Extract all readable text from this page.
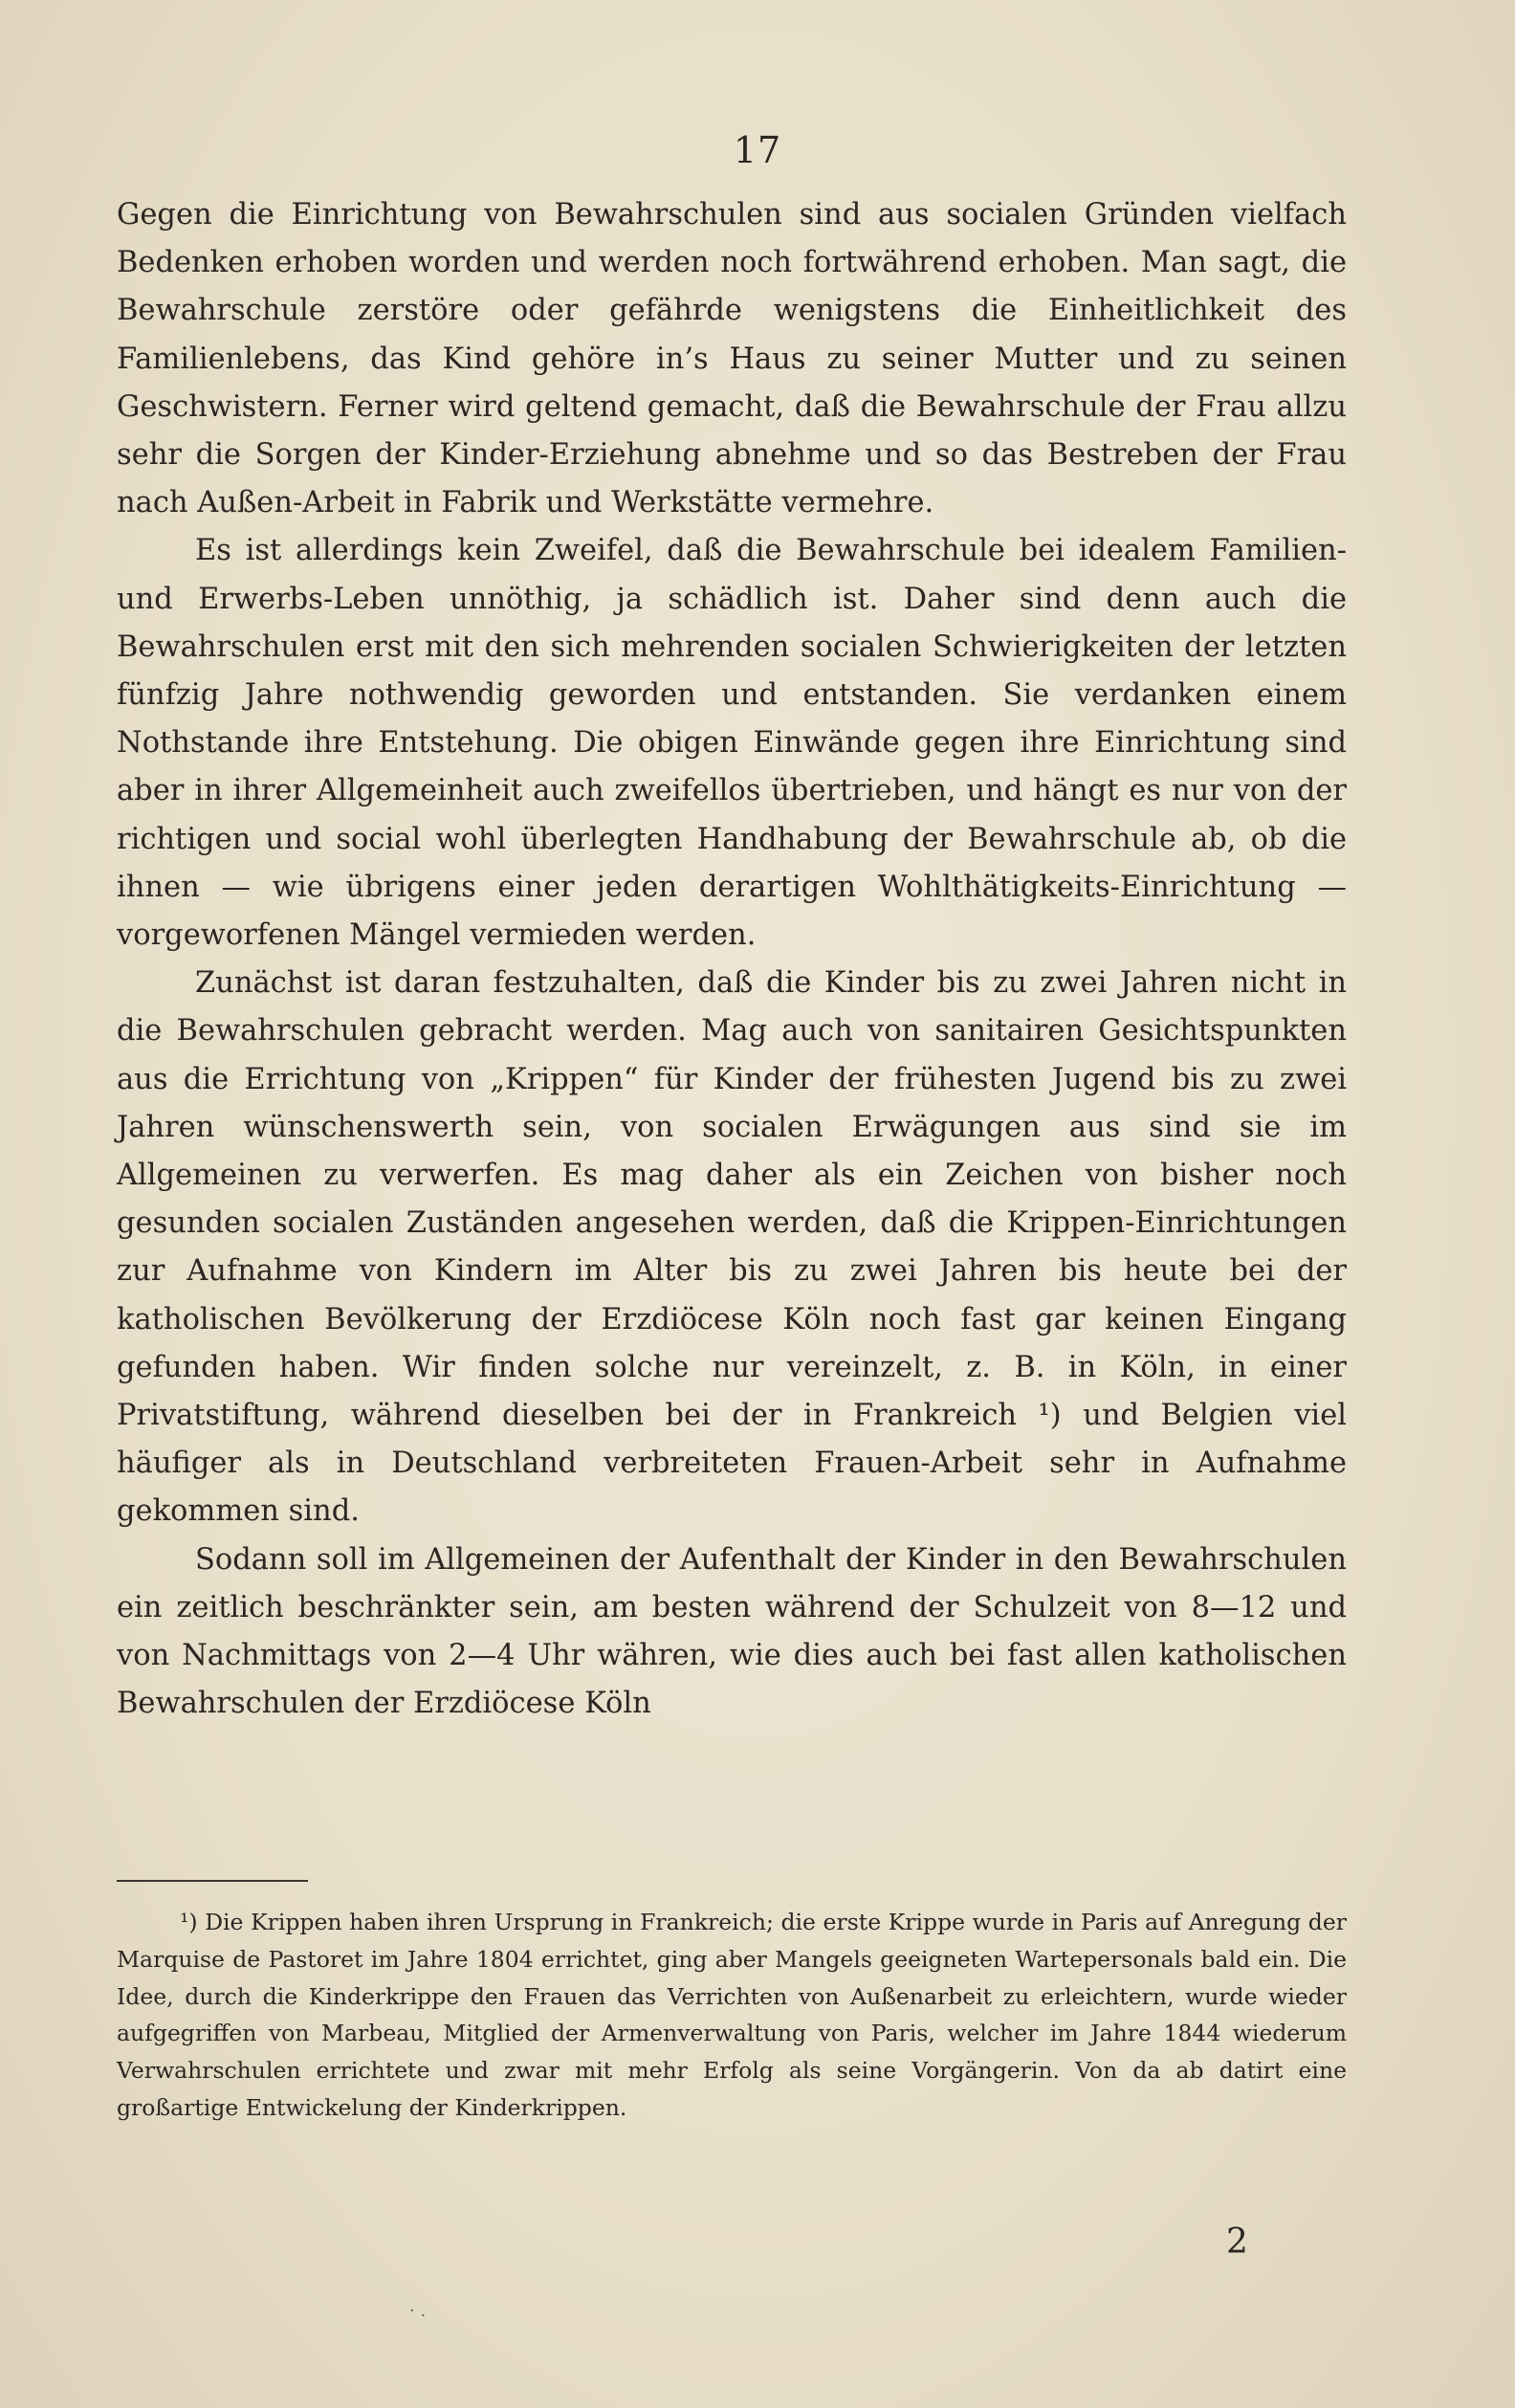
17

Gegen die Einrichtung von Bewahrschulen sind aus socialen Gründen vielfach Bedenken erhoben worden und werden noch fortwährend erhoben. Man sagt, die Bewahrschule zerstöre oder gefährde wenigstens die Einheitlichkeit des Familienlebens, das Kind gehöre in’s Haus zu seiner Mutter und zu seinen Geschwistern. Ferner wird geltend gemacht, daß die Bewahrschule der Frau allzu sehr die Sorgen der Kinder-Erziehung abnehme und so das Bestreben der Frau nach Außen-Arbeit in Fabrik und Werkstätte vermehre.

Es ist allerdings kein Zweifel, daß die Bewahrschule bei idealem Familien- und Erwerbs-Leben unnöthig, ja schädlich ist. Daher sind denn auch die Bewahrschulen erst mit den sich mehrenden socialen Schwierigkeiten der letzten fünfzig Jahre nothwendig geworden und entstanden. Sie verdanken einem Nothstande ihre Entstehung. Die obigen Einwände gegen ihre Einrichtung sind aber in ihrer Allgemeinheit auch zweifellos übertrieben, und hängt es nur von der richtigen und social wohl überlegten Handhabung der Bewahrschule ab, ob die ihnen — wie übrigens einer jeden derartigen Wohlthätigkeits-Einrichtung — vorgeworfenen Mängel vermieden werden.

Zunächst ist daran festzuhalten, daß die Kinder bis zu zwei Jahren nicht in die Bewahrschulen gebracht werden. Mag auch von sanitairen Gesichtspunkten aus die Errichtung von „Krippen“ für Kinder der frühesten Jugend bis zu zwei Jahren wünschenswerth sein, von socialen Erwägungen aus sind sie im Allgemeinen zu verwerfen. Es mag daher als ein Zeichen von bisher noch gesunden socialen Zuständen angesehen werden, daß die Krippen-Einrichtungen zur Aufnahme von Kindern im Alter bis zu zwei Jahren bis heute bei der katholischen Bevölkerung der Erzdiöcese Köln noch fast gar keinen Eingang gefunden haben. Wir finden solche nur vereinzelt, z. B. in Köln, in einer Privatstiftung, während dieselben bei der in Frankreich ¹) und Belgien viel häufiger als in Deutschland verbreiteten Frauen-Arbeit sehr in Aufnahme gekommen sind.

Sodann soll im Allgemeinen der Aufenthalt der Kinder in den Bewahrschulen ein zeitlich beschränkter sein, am besten während der Schulzeit von 8—12 und von Nachmittags von 2—4 Uhr währen, wie dies auch bei fast allen katholischen Bewahrschulen der Erzdiöcese Köln

¹) Die Krippen haben ihren Ursprung in Frankreich; die erste Krippe wurde in Paris auf Anregung der Marquise de Pastoret im Jahre 1804 errichtet, ging aber Mangels geeigneten Wartepersonals bald ein. Die Idee, durch die Kinderkrippe den Frauen das Verrichten von Außenarbeit zu erleichtern, wurde wieder aufgegriffen von Marbeau, Mitglied der Armenverwaltung von Paris, welcher im Jahre 1844 wiederum Verwahrschulen errichtete und zwar mit mehr Erfolg als seine Vorgängerin. Von da ab datirt eine großartige Entwickelung der Kinderkrippen.

2
· .
